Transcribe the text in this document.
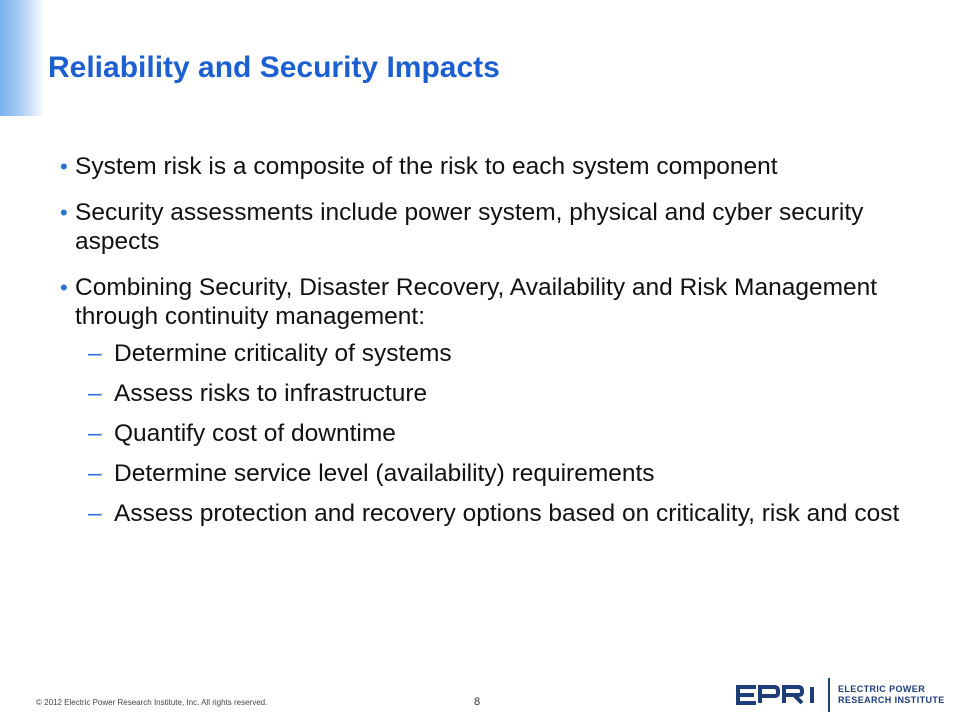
Reliability and Security Impacts
• System risk is a composite of the risk to each system component
• Security assessments include power system, physical and cyber security aspects
• Combining Security, Disaster Recovery, Availability and Risk Management through continuity management:
– Determine criticality of systems
– Assess risks to infrastructure
– Quantify cost of downtime
– Determine service level (availability) requirements
– Assess protection and recovery options based on criticality, risk and cost
© 2012 Electric Power Research Institute, Inc. All rights reserved.	8
ELECTRIC POWER
RESEARCH INSTITUTE
